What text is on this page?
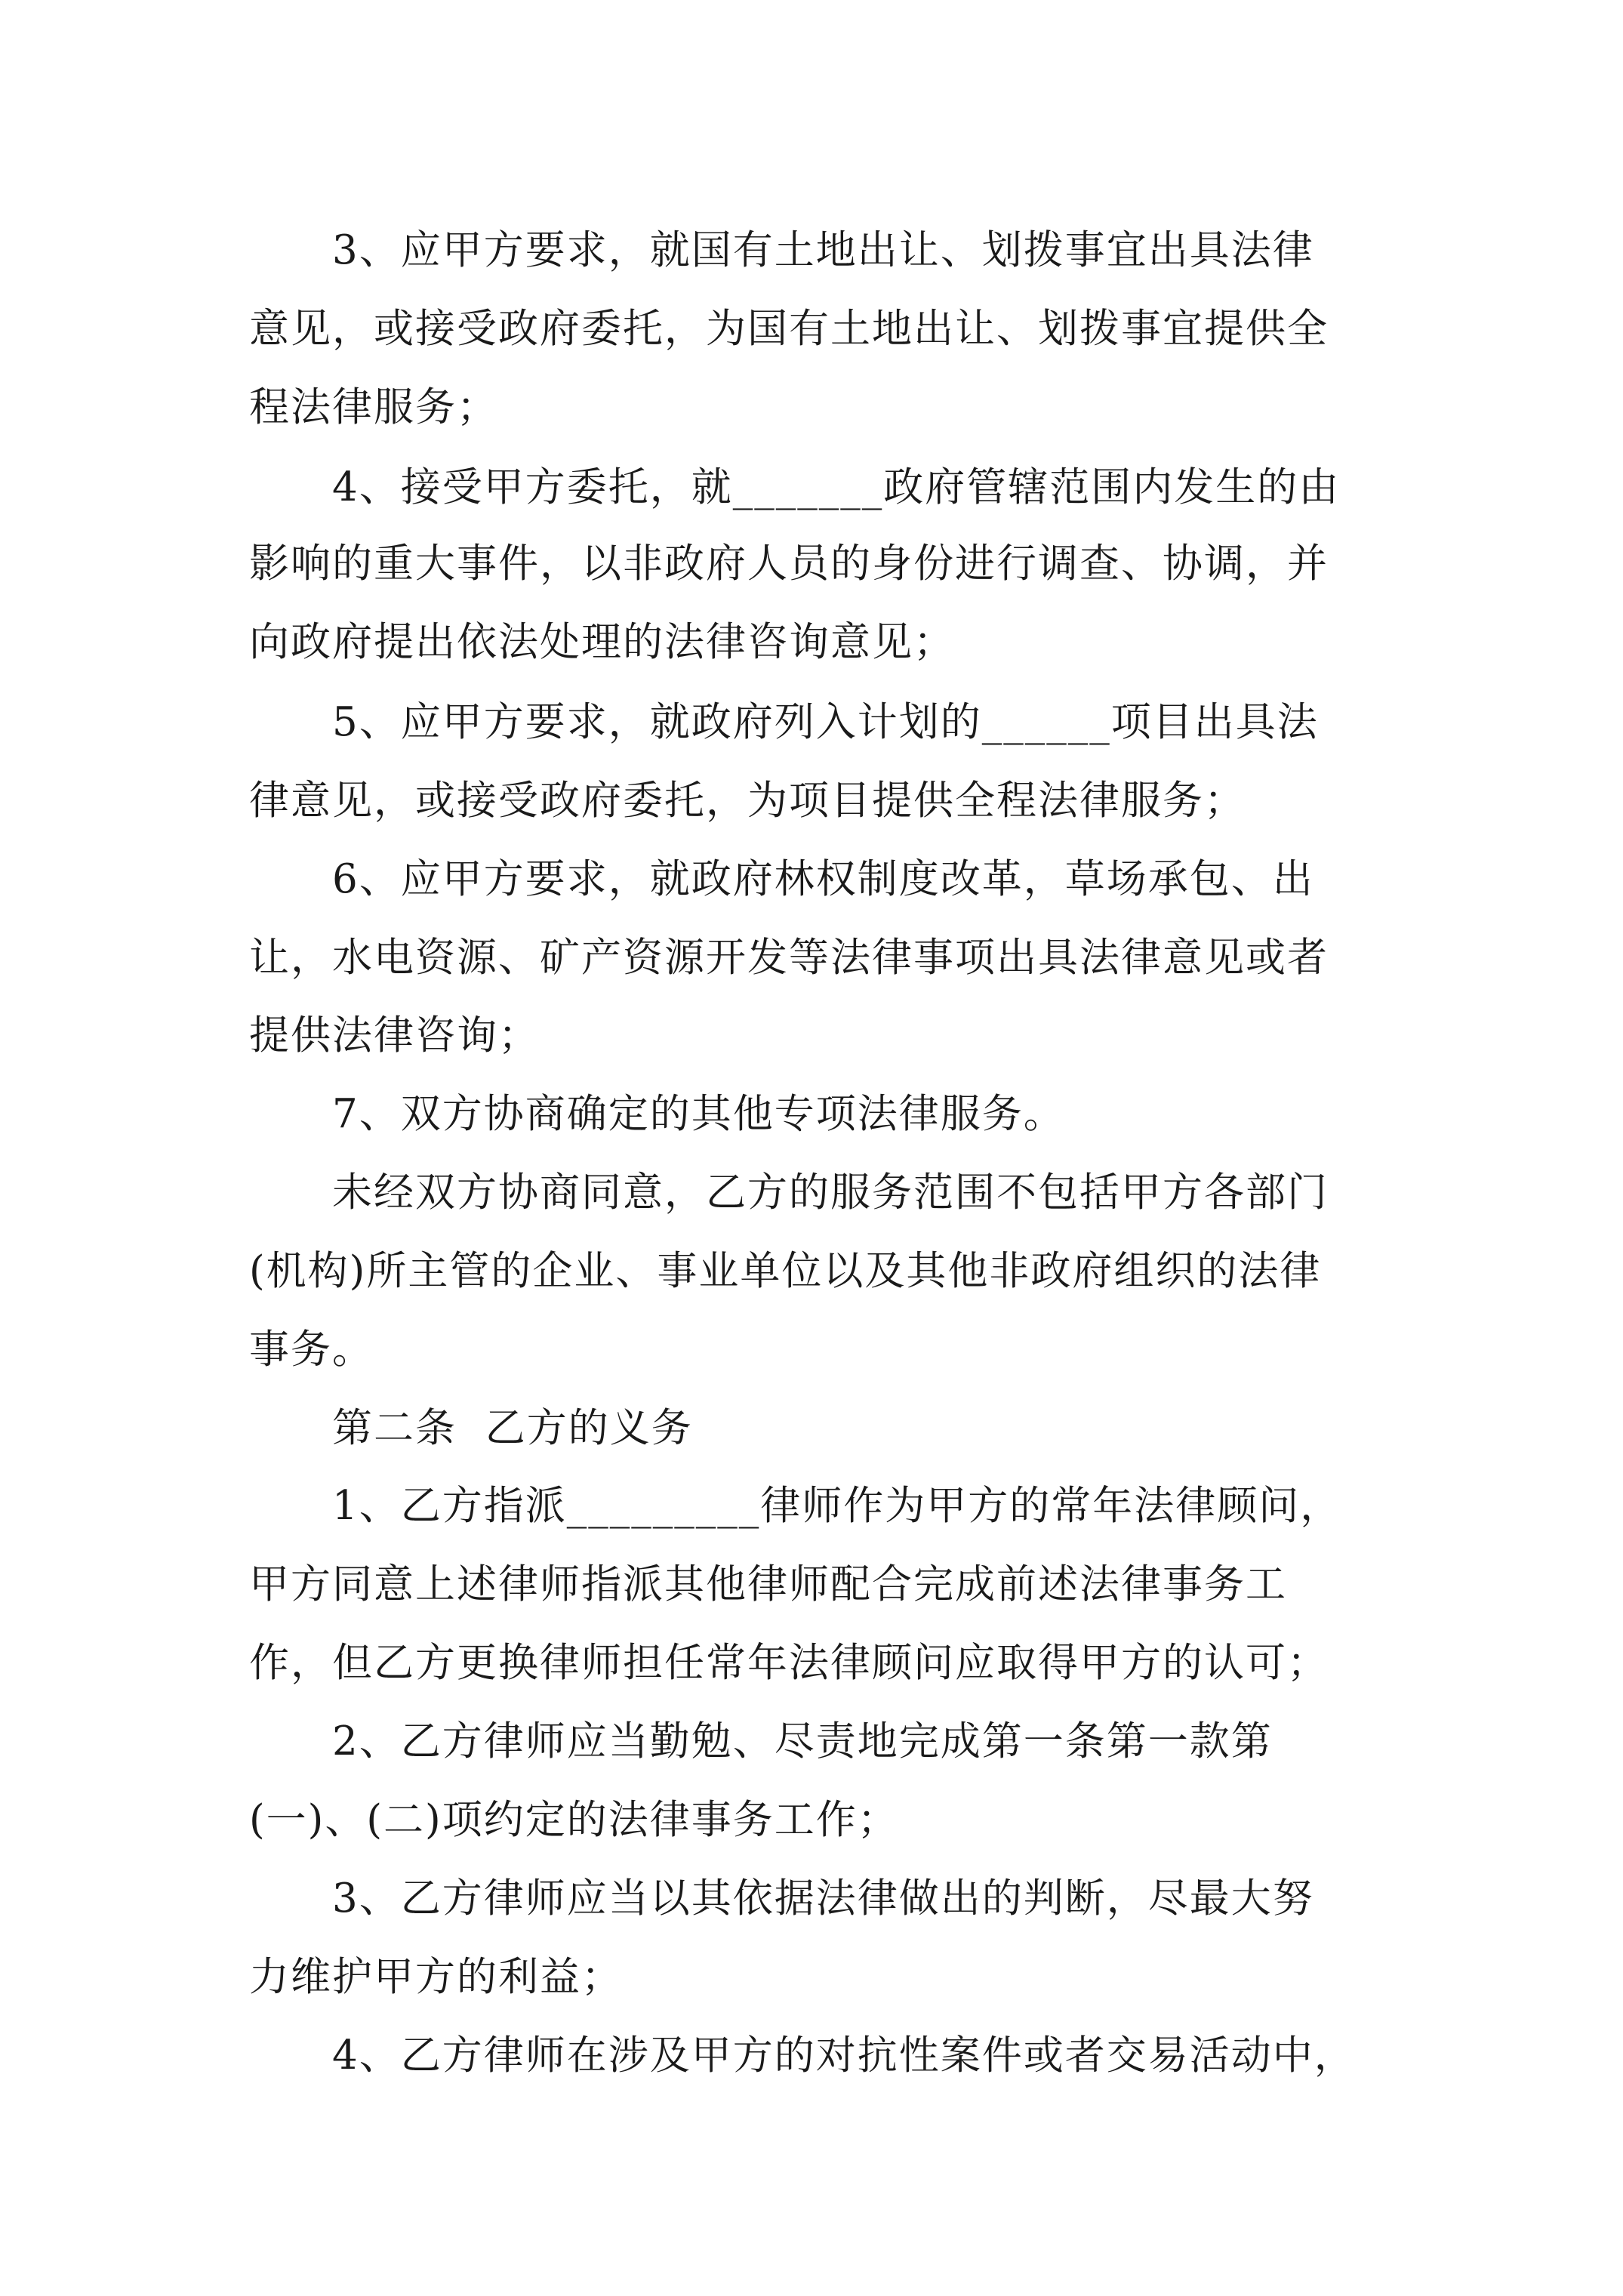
3、应甲方要求，就国有土地出让、划拨事宜出具法律

意见，或接受政府委托，为国有土地出让、划拨事宜提供全

程法律服务；

4、接受甲方委托，就_______政府管辖范围内发生的由

影响的重大事件，以非政府人员的身份进行调查、协调，并

向政府提出依法处理的法律咨询意见；

5、应甲方要求，就政府列入计划的______项目出具法

律意见，或接受政府委托，为项目提供全程法律服务；

6、应甲方要求，就政府林权制度改革，草场承包、出

让，水电资源、矿产资源开发等法律事项出具法律意见或者

提供法律咨询；

7、双方协商确定的其他专项法律服务。

未经双方协商同意，乙方的服务范围不包括甲方各部门

(机构)所主管的企业、事业单位以及其他非政府组织的法律

事务。

第二条  乙方的义务

1、乙方指派_________律师作为甲方的常年法律顾问，

甲方同意上述律师指派其他律师配合完成前述法律事务工

作，但乙方更换律师担任常年法律顾问应取得甲方的认可；

2、乙方律师应当勤勉、尽责地完成第一条第一款第

(一)、(二)项约定的法律事务工作；

3、乙方律师应当以其依据法律做出的判断，尽最大努

力维护甲方的利益；

4、乙方律师在涉及甲方的对抗性案件或者交易活动中，
